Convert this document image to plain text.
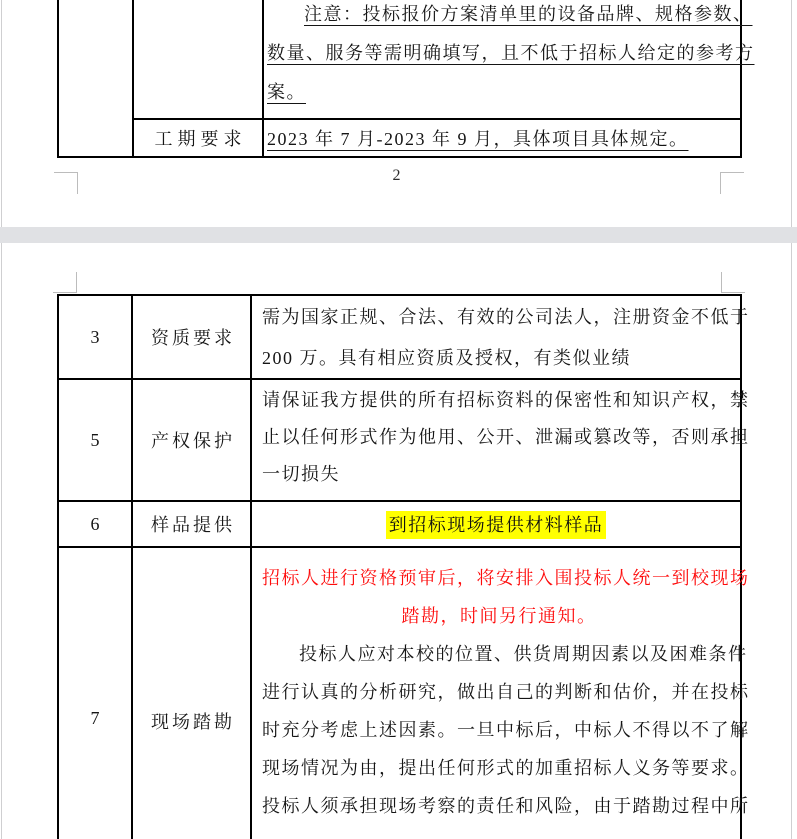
		注意：投标报价方案清单里的设备品牌、规格参数、
数量、服务等需明确填写，且不低于招标人给定的参考方
案。

	工期要求	2023 年 7 月-2023 年 9 月，具体项目具体规定。
2
3	资质要求	需为国家正规、合法、有效的公司法人，注册资金不低于
200 万。具有相应资质及授权，有类似业绩

5	产权保护	请保证我方提供的所有招标资料的保密性和知识产权，禁
止以任何形式作为他用、公开、泄漏或篡改等，否则承担
一切损失

6	样品提供	到招标现场提供材料样品
7	现场踏勘	
招标人进行资格预审后，将安排入围投标人统一到校现场
踏勘，时间另行通知。
投标人应对本校的位置、供货周期因素以及困难条件
进行认真的分析研究，做出自己的判断和估价，并在投标
时充分考虑上述因素。一旦中标后，中标人不得以不了解
现场情况为由，提出任何形式的加重招标人义务等要求。
投标人须承担现场考察的责任和风险，由于踏勘过程中所
